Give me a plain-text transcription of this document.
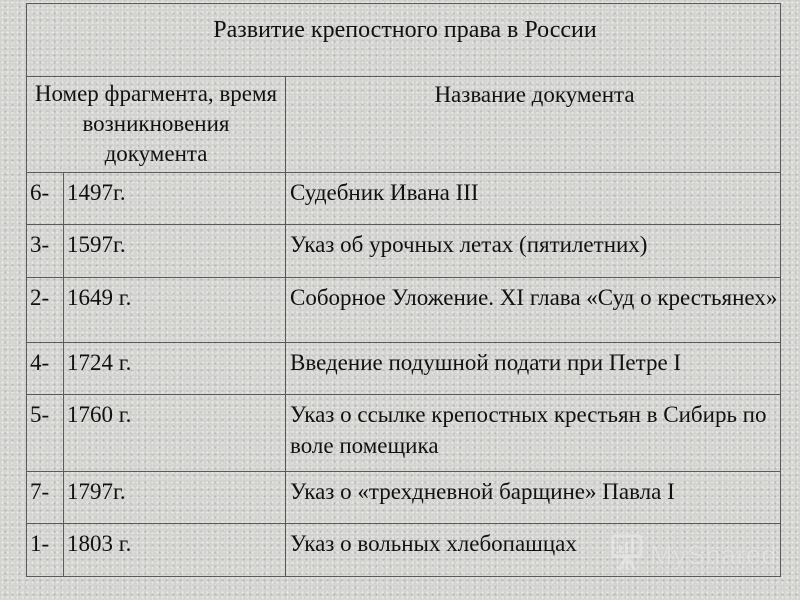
Развитие крепостного права в России		
Номер фрагмента, время возникновения документа		Название документа
6-	1497г.	Судебник Ивана III
3-	1597г.	Указ об урочных летах (пятилетних)
2-	1649 г.	Соборное Уложение. XI глава «Суд о крестьянех»
4-	1724 г.	Введение подушной подати при Петре I
5-	1760 г.	Указ о ссылке крепостных крестьян в Сибирь по воле помещика
7-	1797г.	Указ о «трехдневной барщине» Павла I
1-	1803 г.	Указ о вольных хлебопашцах	MyShared
